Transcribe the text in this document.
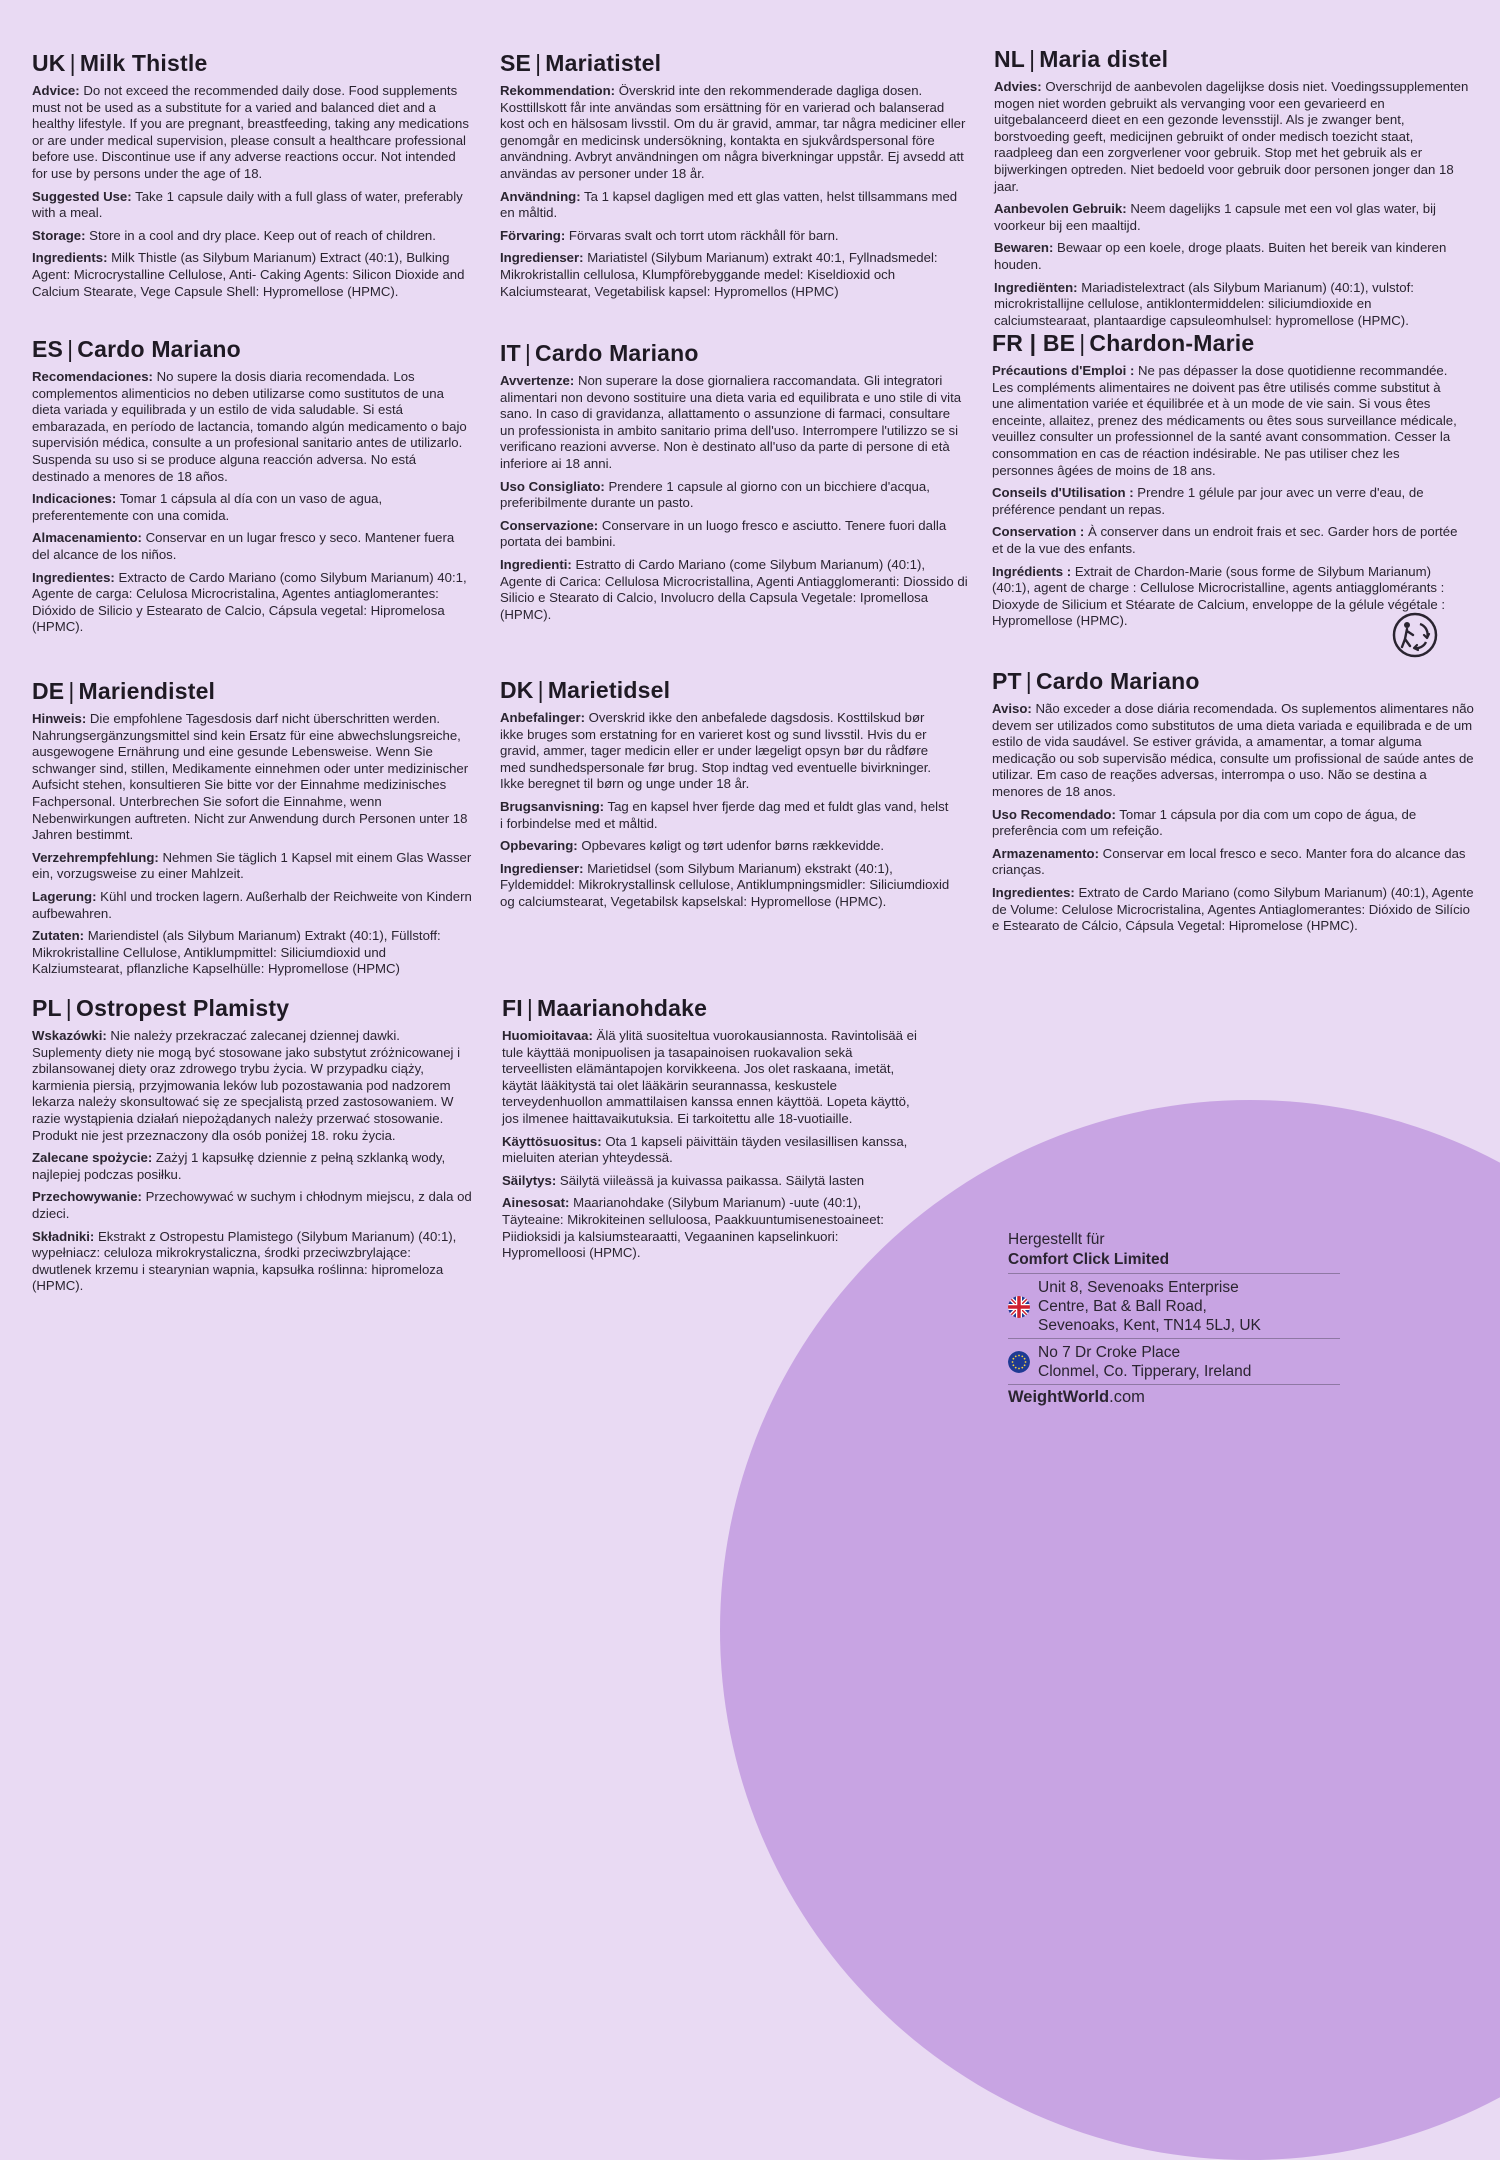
UK | Milk Thistle

Advice: Do not exceed the recommended daily dose. Food supplements must not be used as a substitute for a varied and balanced diet and a healthy lifestyle. If you are pregnant, breastfeeding, taking any medications or are under medical supervision, please consult a healthcare professional before use. Discontinue use if any adverse reactions occur. Not intended for use by persons under the age of 18.

Suggested Use: Take 1 capsule daily with a full glass of water, preferably with a meal.

Storage: Store in a cool and dry place. Keep out of reach of children.

Ingredients: Milk Thistle (as Silybum Marianum) Extract (40:1), Bulking Agent: Microcrystalline Cellulose, Anti- Caking Agents: Silicon Dioxide and Calcium Stearate, Vege Capsule Shell: Hypromellose (HPMC).

ES | Cardo Mariano

Recomendaciones: No supere la dosis diaria recomendada. Los complementos alimenticios no deben utilizarse como sustitutos de una dieta variada y equilibrada y un estilo de vida saludable. Si está embarazada, en período de lactancia, tomando algún medicamento o bajo supervisión médica, consulte a un profesional sanitario antes de utilizarlo. Suspenda su uso si se produce alguna reacción adversa. No está destinado a menores de 18 años.

Indicaciones: Tomar 1 cápsula al día con un vaso de agua, preferentemente con una comida.

Almacenamiento: Conservar en un lugar fresco y seco. Mantener fuera del alcance de los niños.

Ingredientes: Extracto de Cardo Mariano (como Silybum Marianum) 40:1, Agente de carga: Celulosa Microcristalina, Agentes antiaglomerantes: Dióxido de Silicio y Estearato de Calcio, Cápsula vegetal: Hipromelosa (HPMC).

DE | Mariendistel

Hinweis: Die empfohlene Tagesdosis darf nicht überschritten werden. Nahrungsergänzungsmittel sind kein Ersatz für eine abwechslungsreiche, ausgewogene Ernährung und eine gesunde Lebensweise. Wenn Sie schwanger sind, stillen, Medikamente einnehmen oder unter medizinischer Aufsicht stehen, konsultieren Sie bitte vor der Einnahme medizinisches Fachpersonal. Unterbrechen Sie sofort die Einnahme, wenn Nebenwirkungen auftreten. Nicht zur Anwendung durch Personen unter 18 Jahren bestimmt.

Verzehrempfehlung: Nehmen Sie täglich 1 Kapsel mit einem Glas Wasser ein, vorzugsweise zu einer Mahlzeit.

Lagerung: Kühl und trocken lagern. Außerhalb der Reichweite von Kindern aufbewahren.

Zutaten: Mariendistel (als Silybum Marianum) Extrakt (40:1), Füllstoff: Mikrokristalline Cellulose, Antiklumpmittel: Siliciumdioxid und Kalziumstearat, pflanzliche Kapselhülle: Hypromellose (HPMC)

PL | Ostropest Plamisty

Wskazówki: Nie należy przekraczać zalecanej dziennej dawki. Suplementy diety nie mogą być stosowane jako substytut zróżnicowanej i zbilansowanej diety oraz zdrowego trybu życia. W przypadku ciąży, karmienia piersią, przyjmowania leków lub pozostawania pod nadzorem lekarza należy skonsultować się ze specjalistą przed zastosowaniem. W razie wystąpienia działań niepożądanych należy przerwać stosowanie. Produkt nie jest przeznaczony dla osób poniżej 18. roku życia.

Zalecane spożycie: Zażyj 1 kapsułkę dziennie z pełną szklanką wody, najlepiej podczas posiłku.

Przechowywanie: Przechowywać w suchym i chłodnym miejscu, z dala od dzieci.

Składniki: Ekstrakt z Ostropestu Plamistego (Silybum Marianum) (40:1), wypełniacz: celuloza mikrokrystaliczna, środki przeciwzbrylające: dwutlenek krzemu i stearynian wapnia, kapsułka roślinna: hipromeloza (HPMC).

SE | Mariatistel

Rekommendation: Överskrid inte den rekommenderade dagliga dosen. Kosttillskott får inte användas som ersättning för en varierad och balanserad kost och en hälsosam livsstil. Om du är gravid, ammar, tar några mediciner eller genomgår en medicinsk undersökning, kontakta en sjukvårdspersonal före användning. Avbryt användningen om några biverkningar uppstår. Ej avsedd att användas av personer under 18 år.

Användning: Ta 1 kapsel dagligen med ett glas vatten, helst tillsammans med en måltid.

Förvaring: Förvaras svalt och torrt utom räckhåll för barn.

Ingredienser: Mariatistel (Silybum Marianum) extrakt 40:1, Fyllnadsmedel: Mikrokristallin cellulosa, Klumpförebyggande medel: Kiseldioxid och Kalciumstearat, Vegetabilisk kapsel: Hypromellos (HPMC)

IT | Cardo Mariano

Avvertenze: Non superare la dose giornaliera raccomandata. Gli integratori alimentari non devono sostituire una dieta varia ed equilibrata e uno stile di vita sano. In caso di gravidanza, allattamento o assunzione di farmaci, consultare un professionista in ambito sanitario prima dell'uso. Interrompere l'utilizzo se si verificano reazioni avverse. Non è destinato all'uso da parte di persone di età inferiore ai 18 anni.

Uso Consigliato: Prendere 1 capsule al giorno con un bicchiere d'acqua, preferibilmente durante un pasto.

Conservazione: Conservare in un luogo fresco e asciutto. Tenere fuori dalla portata dei bambini.

Ingredienti: Estratto di Cardo Mariano (come Silybum Marianum) (40:1), Agente di Carica: Cellulosa Microcristallina, Agenti Antiagglomeranti: Diossido di Silicio e Stearato di Calcio, Involucro della Capsula Vegetale: Ipromellosa (HPMC).

DK | Marietidsel

Anbefalinger: Overskrid ikke den anbefalede dagsdosis. Kosttilskud bør ikke bruges som erstatning for en varieret kost og sund livsstil. Hvis du er gravid, ammer, tager medicin eller er under lægeligt opsyn bør du rådføre med sundhedspersonale før brug. Stop indtag ved eventuelle bivirkninger. Ikke beregnet til børn og unge under 18 år.

Brugsanvisning: Tag en kapsel hver fjerde dag med et fuldt glas vand, helst i forbindelse med et måltid.

Opbevaring: Opbevares køligt og tørt udenfor børns rækkevidde.

Ingredienser: Marietidsel (som Silybum Marianum) ekstrakt (40:1), Fyldemiddel: Mikrokrystallinsk cellulose, Antiklumpningsmidler: Siliciumdioxid og calciumstearat, Vegetabilsk kapselskal: Hypromellose (HPMC).

FI | Maarianohdake

Huomioitavaa: Älä ylitä suositeltua vuorokausiannosta. Ravintolisää ei tule käyttää monipuolisen ja tasapainoisen ruokavalion sekä terveellisten elämäntapojen korvikkeena. Jos olet raskaana, imetät, käytät lääkitystä tai olet lääkärin seurannassa, keskustele terveydenhuollon ammattilaisen kanssa ennen käyttöä. Lopeta käyttö, jos ilmenee haittavaikutuksia. Ei tarkoitettu alle 18-vuotiaille.

Käyttösuositus: Ota 1 kapseli päivittäin täyden vesilasillisen kanssa, mieluiten aterian yhteydessä.

Säilytys: Säilytä viileässä ja kuivassa paikassa. Säilytä lasten

Ainesosat: Maarianohdake (Silybum Marianum) -uute (40:1), Täyteaine: Mikrokiteinen selluloosa, Paakkuuntumisenestoaineet: Piidioksidi ja kalsiumstearaatti, Vegaaninen kapselinkuori: Hypromelloosi (HPMC).

NL | Maria distel

Advies: Overschrijd de aanbevolen dagelijkse dosis niet. Voedingssupplementen mogen niet worden gebruikt als vervanging voor een gevarieerd en uitgebalanceerd dieet en een gezonde levensstijl. Als je zwanger bent, borstvoeding geeft, medicijnen gebruikt of onder medisch toezicht staat, raadpleeg dan een zorgverlener voor gebruik. Stop met het gebruik als er bijwerkingen optreden. Niet bedoeld voor gebruik door personen jonger dan 18 jaar.

Aanbevolen Gebruik: Neem dagelijks 1 capsule met een vol glas water, bij voorkeur bij een maaltijd.

Bewaren: Bewaar op een koele, droge plaats. Buiten het bereik van kinderen houden.

Ingrediënten: Mariadistelextract (als Silybum Marianum) (40:1), vulstof: microkristallijne cellulose, antiklontermiddelen: siliciumdioxide en calciumstearaat, plantaardige capsuleomhulsel: hypromellose (HPMC).

FR | BE | Chardon-Marie

Précautions d'Emploi : Ne pas dépasser la dose quotidienne recommandée. Les compléments alimentaires ne doivent pas être utilisés comme substitut à une alimentation variée et équilibrée et à un mode de vie sain. Si vous êtes enceinte, allaitez, prenez des médicaments ou êtes sous surveillance médicale, veuillez consulter un professionnel de la santé avant consommation. Cesser la consommation en cas de réaction indésirable. Ne pas utiliser chez les personnes âgées de moins de 18 ans.

Conseils d'Utilisation : Prendre 1 gélule par jour avec un verre d'eau, de préférence pendant un repas.

Conservation : À conserver dans un endroit frais et sec. Garder hors de portée et de la vue des enfants.

Ingrédients : Extrait de Chardon-Marie (sous forme de Silybum Marianum) (40:1), agent de charge : Cellulose Microcristalline, agents antiagglomérants : Dioxyde de Silicium et Stéarate de Calcium, enveloppe de la gélule végétale : Hypromellose (HPMC).

PT | Cardo Mariano

Aviso: Não exceder a dose diária recomendada. Os suplementos alimentares não devem ser utilizados como substitutos de uma dieta variada e equilibrada e de um estilo de vida saudável. Se estiver grávida, a amamentar, a tomar alguma medicação ou sob supervisão médica, consulte um profissional de saúde antes de utilizar. Em caso de reações adversas, interrompa o uso. Não se destina a menores de 18 anos.

Uso Recomendado: Tomar 1 cápsula por dia com um copo de água, de preferência com um refeição.

Armazenamento: Conservar em local fresco e seco. Manter fora do alcance das crianças.

Ingredientes: Extrato de Cardo Mariano (como Silybum Marianum) (40:1), Agente de Volume: Celulose Microcristalina, Agentes Antiaglomerantes: Dióxido de Silício e Estearato de Cálcio, Cápsula Vegetal: Hipromelose (HPMC).

Hergestellt für
Comfort Click Limited
Unit 8, Sevenoaks Enterprise
Centre, Bat & Ball Road,
Sevenoaks, Kent, TN14 5LJ, UK
No 7 Dr Croke Place
Clonmel, Co. Tipperary, Ireland
WeightWorld.com
